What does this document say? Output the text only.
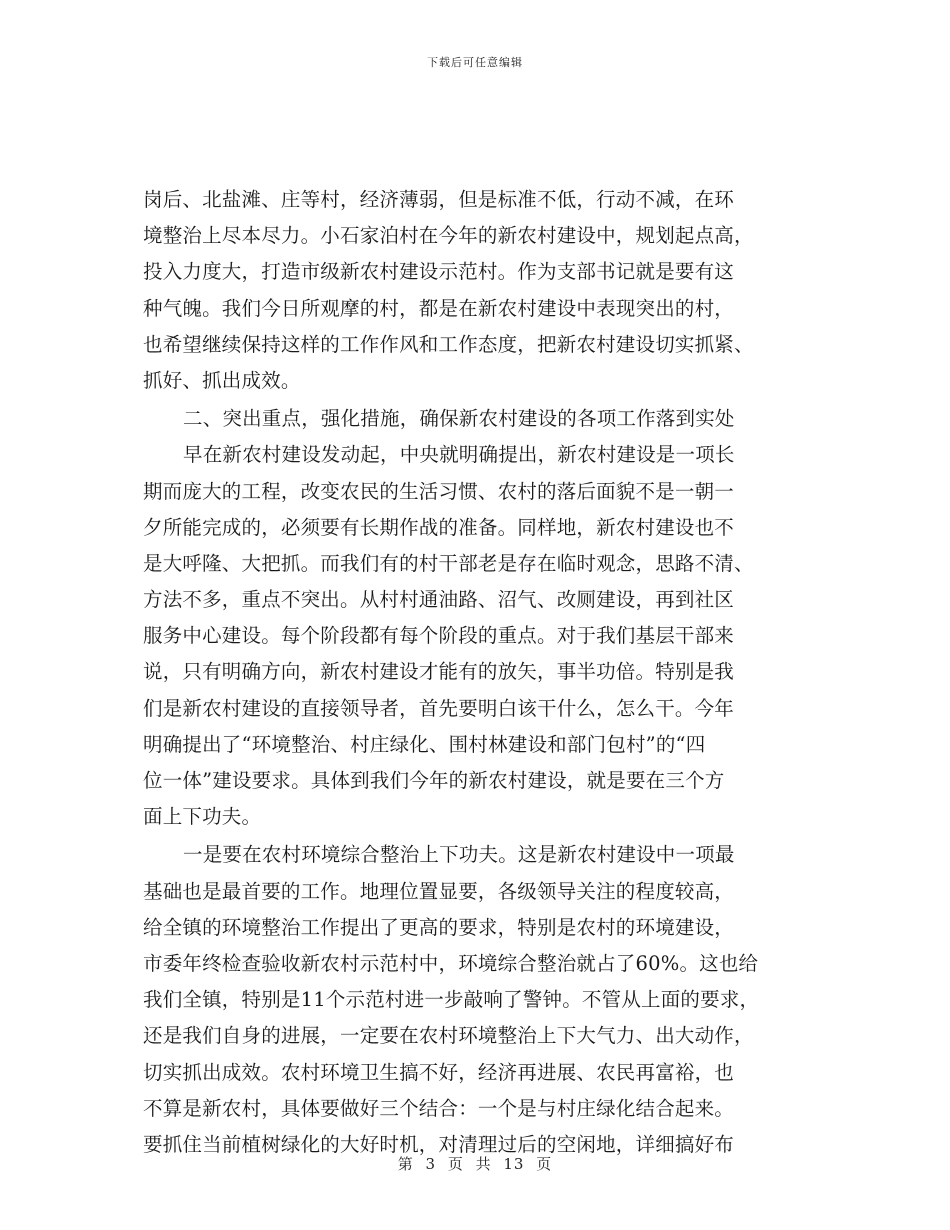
下载后可任意编辑
岗后、北盐滩、庄等村，经济薄弱，但是标准不低，行动不减，在环
境整治上尽本尽力。小石家泊村在今年的新农村建设中，规划起点高，
投入力度大，打造市级新农村建设示范村。作为支部书记就是要有这
种气魄。我们今日所观摩的村，都是在新农村建设中表现突出的村，
也希望继续保持这样的工作作风和工作态度，把新农村建设切实抓紧、
抓好、抓出成效。
二、突出重点，强化措施，确保新农村建设的各项工作落到实处
早在新农村建设发动起，中央就明确提出，新农村建设是一项长
期而庞大的工程，改变农民的生活习惯、农村的落后面貌不是一朝一
夕所能完成的，必须要有长期作战的准备。同样地，新农村建设也不
是大呼隆、大把抓。而我们有的村干部老是存在临时观念，思路不清、
方法不多，重点不突出。从村村通油路、沼气、改厕建设，再到社区
服务中心建设。每个阶段都有每个阶段的重点。对于我们基层干部来
说，只有明确方向，新农村建设才能有的放矢，事半功倍。特别是我
们是新农村建设的直接领导者，首先要明白该干什么，怎么干。今年
明确提出了“环境整治、村庄绿化、围村林建设和部门包村”的“四
位一体”建设要求。具体到我们今年的新农村建设，就是要在三个方
面上下功夫。
一是要在农村环境综合整治上下功夫。这是新农村建设中一项最
基础也是最首要的工作。地理位置显要，各级领导关注的程度较高，
给全镇的环境整治工作提出了更高的要求，特别是农村的环境建设，
市委年终检查验收新农村示范村中，环境综合整治就占了60%。这也给
我们全镇，特别是11个示范村进一步敲响了警钟。不管从上面的要求，
还是我们自身的进展，一定要在农村环境整治上下大气力、出大动作，
切实抓出成效。农村环境卫生搞不好，经济再进展、农民再富裕，也
不算是新农村，具体要做好三个结合：一个是与村庄绿化结合起来。
要抓住当前植树绿化的大好时机，对清理过后的空闲地，详细搞好布
第 3 页 共 13 页
